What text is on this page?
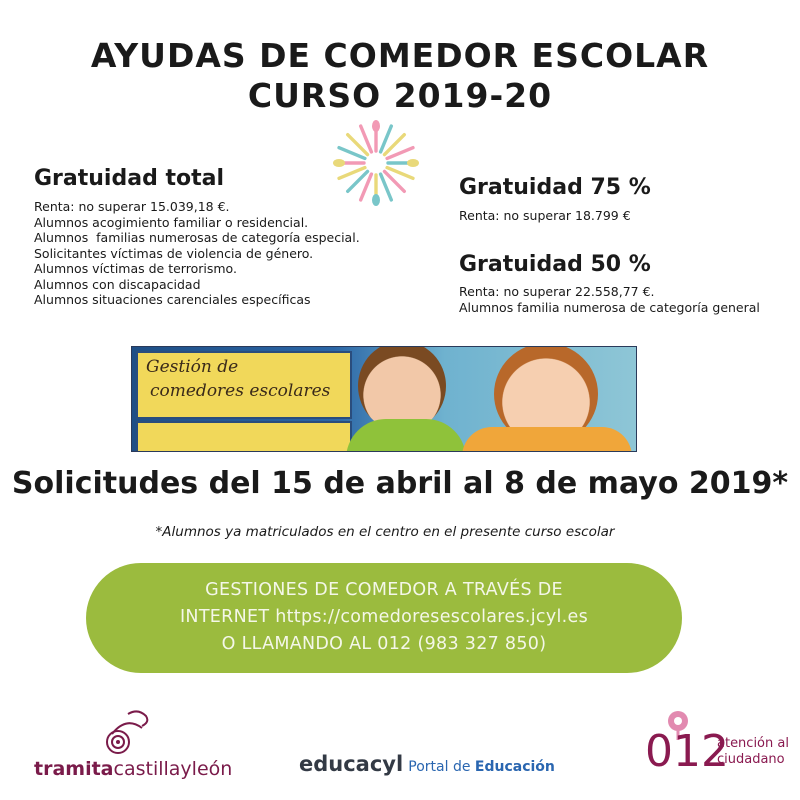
AYUDAS DE COMEDOR ESCOLAR
CURSO 2019-20
Gratuidad total
Renta: no superar 15.039,18 €.
Alumnos acogimiento familiar o residencial.
Alumnos  familias numerosas de categoría especial.
Solicitantes víctimas de violencia de género.
Alumnos víctimas de terrorismo.
Alumnos con discapacidad
Alumnos situaciones carenciales específicas
Gratuidad 75 %
Renta: no superar 18.799 €
Gratuidad 50 %
Renta: no superar 22.558,77 €.
Alumnos familia numerosa de categoría general
Gestión de
comedores escolares
Solicitudes del 15 de abril al 8 de mayo 2019*
*Alumnos ya matriculados en el centro en el presente curso escolar
GESTIONES DE COMEDOR A TRAVÉS DE
INTERNET https://comedoresescolares.jcyl.es
O LLAMANDO AL 012 (983 327 850)
tramitacastillayleón	educacyl Portal de Educación 012
atención al
ciudadano
